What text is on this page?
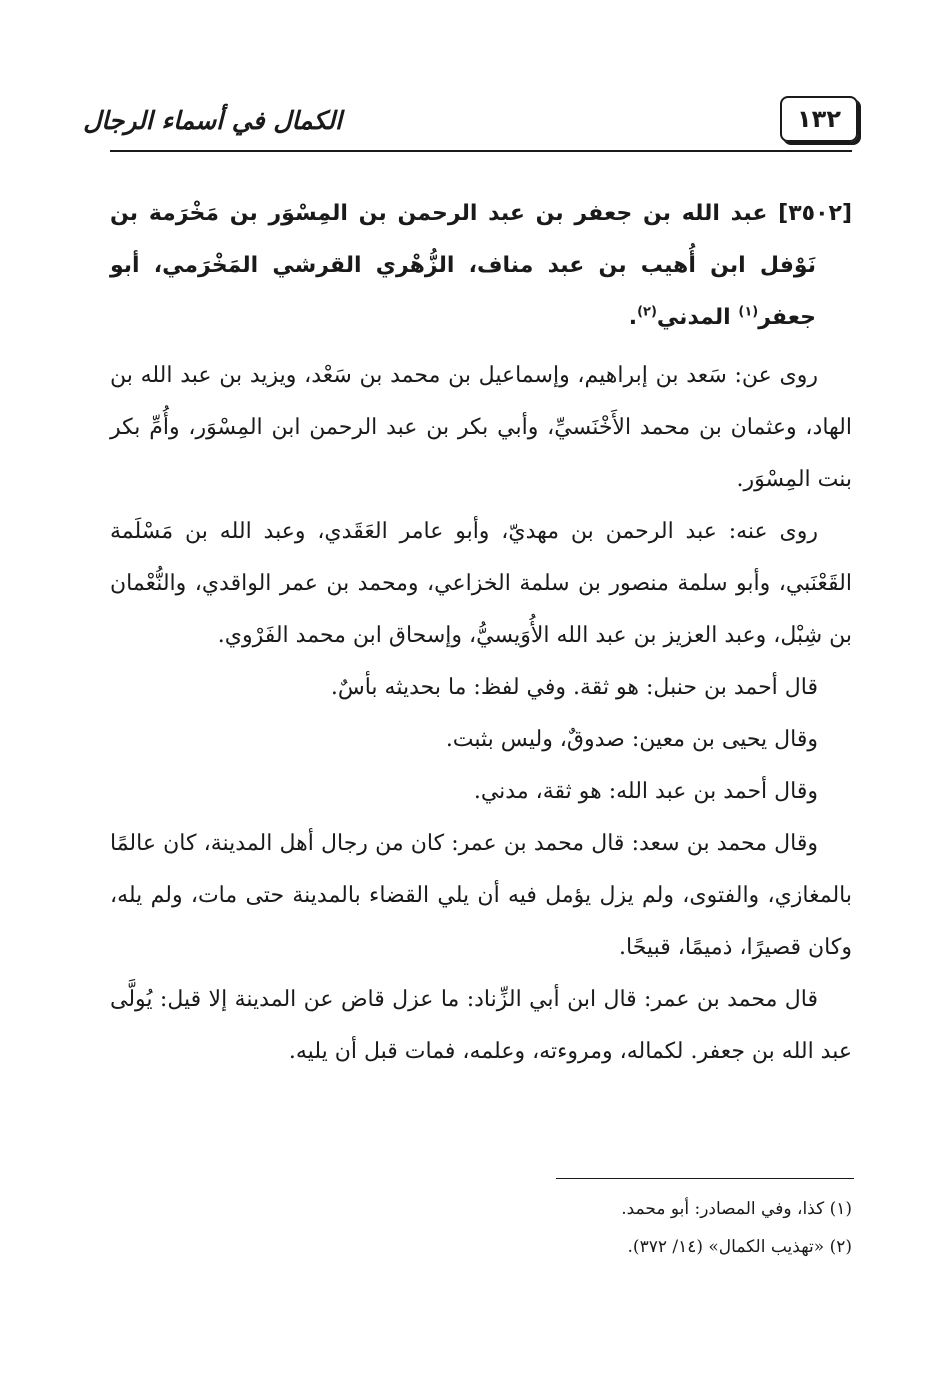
الكمال في أسماء الرجال	١٣٢

[٣٥٠٢] عبد الله بن جعفر بن عبد الرحمن بن المِسْوَر بن مَخْرَمة بن نَوْفل ابن أُهيب بن عبد مناف، الزُّهْري القرشي المَخْرَمي، أبو جعفر$^{(١)}$ المدني$^{(٢)}$.

روى عن: سَعد بن إبراهيم، وإسماعيل بن محمد بن سَعْد، ويزيد بن عبد الله بن الهاد، وعثمان بن محمد الأَخْنَسيِّ، وأبي بكر بن عبد الرحمن ابن المِسْوَر، وأُمِّ بكر بنت المِسْوَر.

روى عنه: عبد الرحمن بن مهديّ، وأبو عامر العَقَدي، وعبد الله بن مَسْلَمة القَعْنَبي، وأبو سلمة منصور بن سلمة الخزاعي، ومحمد بن عمر الواقدي، والنُّعْمان بن شِبْل، وعبد العزيز بن عبد الله الأُوَيسيُّ، وإسحاق ابن محمد الفَرْوي.

قال أحمد بن حنبل: هو ثقة. وفي لفظ: ما بحديثه بأسٌ.

وقال يحيى بن معين: صدوقٌ، وليس بثبت.

وقال أحمد بن عبد الله: هو ثقة، مدني.

وقال محمد بن سعد: قال محمد بن عمر: كان من رجال أهل المدينة، كان عالمًا بالمغازي، والفتوى، ولم يزل يؤمل فيه أن يلي القضاء بالمدينة حتى مات، ولم يله، وكان قصيرًا، ذميمًا، قبيحًا.

قال محمد بن عمر: قال ابن أبي الزِّناد: ما عزل قاض عن المدينة إلا قيل: يُولَّى عبد الله بن جعفر. لكماله، ومروءته، وعلمه، فمات قبل أن يليه.

(١) كذا، وفي المصادر: أبو محمد.

(٢) «تهذيب الكمال» (١٤/ ٣٧٢).
